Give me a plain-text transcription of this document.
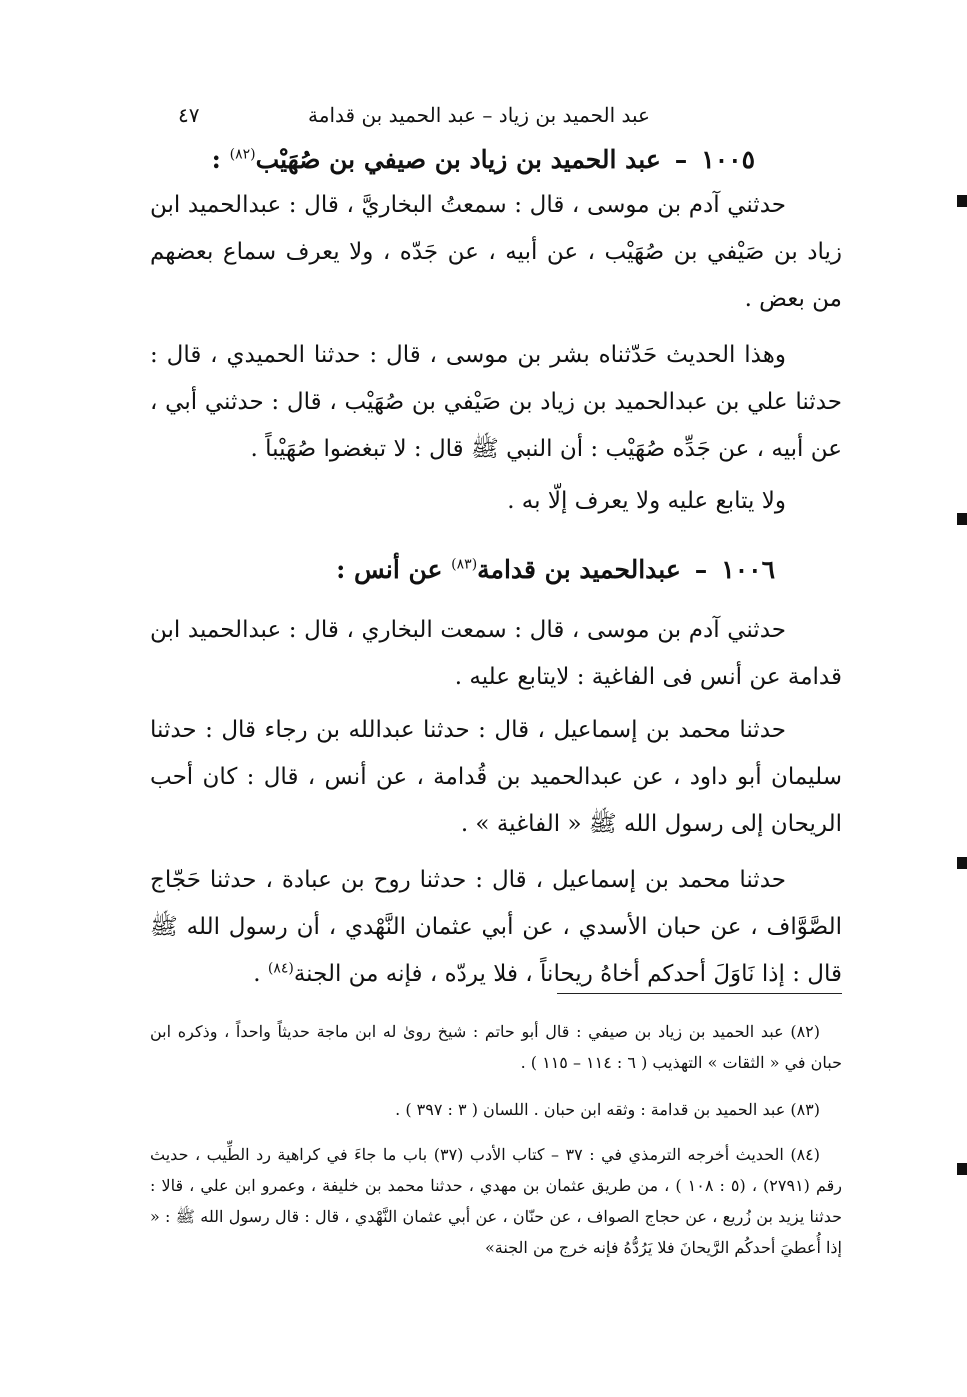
عبد الحميد بن زياد – عبد الحميد بن قدامة
٤٧
١٠٠٥–عبد الحميد بن زياد بن صيفي بن صُهَيْب$^{(٨٢)}$ :

حدثني آدم بن موسى ، قال : سمعتُ البخاريَّ ، قال : عبدالحميد ابن زياد بن صَيْفي بن صُهَيْب ، عن أبيه ، عن جَدّه ، ولا يعرف سماع بعضهم من بعض .

وهذا الحديث حَدّثناه بشر بن موسى ، قال : حدثنا الحميدي ، قال : حدثنا علي بن عبدالحميد بن زياد بن صَيْفي بن صُهَيْب ، قال : حدثني أبي ، عن أبيه ، عن جَدِّه صُهَيْب : أن النبي ﷺ قال : لا تبغضوا صُهَيْباً .

ولا يتابع عليه ولا يعرف إلّا به .

١٠٠٦–عبدالحميد بن قدامة$^{(٨٣)}$ عن أنس :

حدثني آدم بن موسى ، قال : سمعت البخاري ، قال : عبدالحميد ابن قدامة عن أنس فى الفاغية : لايتابع عليه .

حدثنا محمد بن إسماعيل ، قال : حدثنا عبدالله بن رجاء قال : حدثنا سليمان أبو داود ، عن عبدالحميد بن قُدامة ، عن أنس ، قال : كان أحب الريحان إلى رسول الله ﷺ « الفاغية » .

حدثنا محمد بن إسماعيل ، قال : حدثنا روح بن عبادة ، حدثنا حَجّاج الصَّوَّاف ، عن حبان الأسدي ، عن أبي عثمان النَّهْدي ، أن رسول الله ﷺ قال : إذا نَاوَلَ أحدكم أخاهُ ريحاناً ، فلا يردّه ، فإنه من الجنة$^{(٨٤)}$ .

(٨٢) عبد الحميد بن زياد بن صيفي : قال أبو حاتم : شيخ روىٰ له ابن ماجة حديثاً واحداً ، وذكره ابن حبان في « الثقات » التهذيب ( ٦ : ١١٤ – ١١٥ ) .

(٨٣) عبد الحميد بن قدامة : وثقه ابن حبان . اللسان ( ٣ : ٣٩٧ ) .

(٨٤) الحديث أخرجه الترمذي في : ٣٧ – كتاب الأدب (٣٧) باب ما جاءَ في كراهية رد الطِّيب ، حديث رقم (٢٧٩١) ، (٥ : ١٠٨ ) ، من طريق عثمان بن مهدي ، حدثنا محمد بن خليفة ، وعمرو ابن علي ، قالا : حدثنا يزيد بن زُريع ، عن حجاج الصواف ، عن حنّان ، عن أبي عثمان النَّهْدي ، قال : قال رسول الله ﷺ : « إذا أُعطيَ أحدكُم الرَّيحانَ فلا يَرُدُّهُ فإنه خرج من الجنة»
